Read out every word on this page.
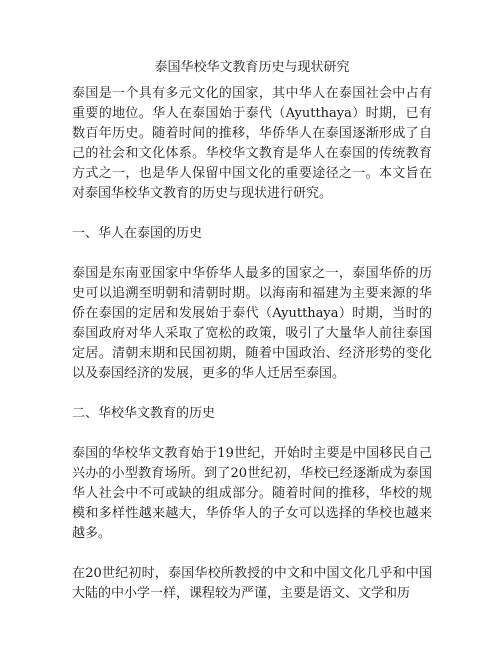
泰国华校华文教育历史与现状研究

泰国是一个具有多元文化的国家，其中华人在泰国社会中占有重要的地位。华人在泰国始于泰代（Ayutthaya）时期，已有数百年历史。随着时间的推移，华侨华人在泰国逐渐形成了自己的社会和文化体系。华校华文教育是华人在泰国的传统教育方式之一，也是华人保留中国文化的重要途径之一。本文旨在对泰国华校华文教育的历史与现状进行研究。

一、华人在泰国的历史

泰国是东南亚国家中华侨华人最多的国家之一，泰国华侨的历史可以追溯至明朝和清朝时期。以海南和福建为主要来源的华侨在泰国的定居和发展始于泰代（Ayutthaya）时期，当时的泰国政府对华人采取了宽松的政策，吸引了大量华人前往泰国定居。清朝末期和民国初期，随着中国政治、经济形势的变化以及泰国经济的发展，更多的华人迁居至泰国。

二、华校华文教育的历史

泰国的华校华文教育始于19世纪，开始时主要是中国移民自己兴办的小型教育场所。到了20世纪初，华校已经逐渐成为泰国华人社会中不可或缺的组成部分。随着时间的推移，华校的规模和多样性越来越大，华侨华人的子女可以选择的华校也越来越多。

在20世纪初时，泰国华校所教授的中文和中国文化几乎和中国大陆的中小学一样，课程较为严谨，主要是语文、文学和历
